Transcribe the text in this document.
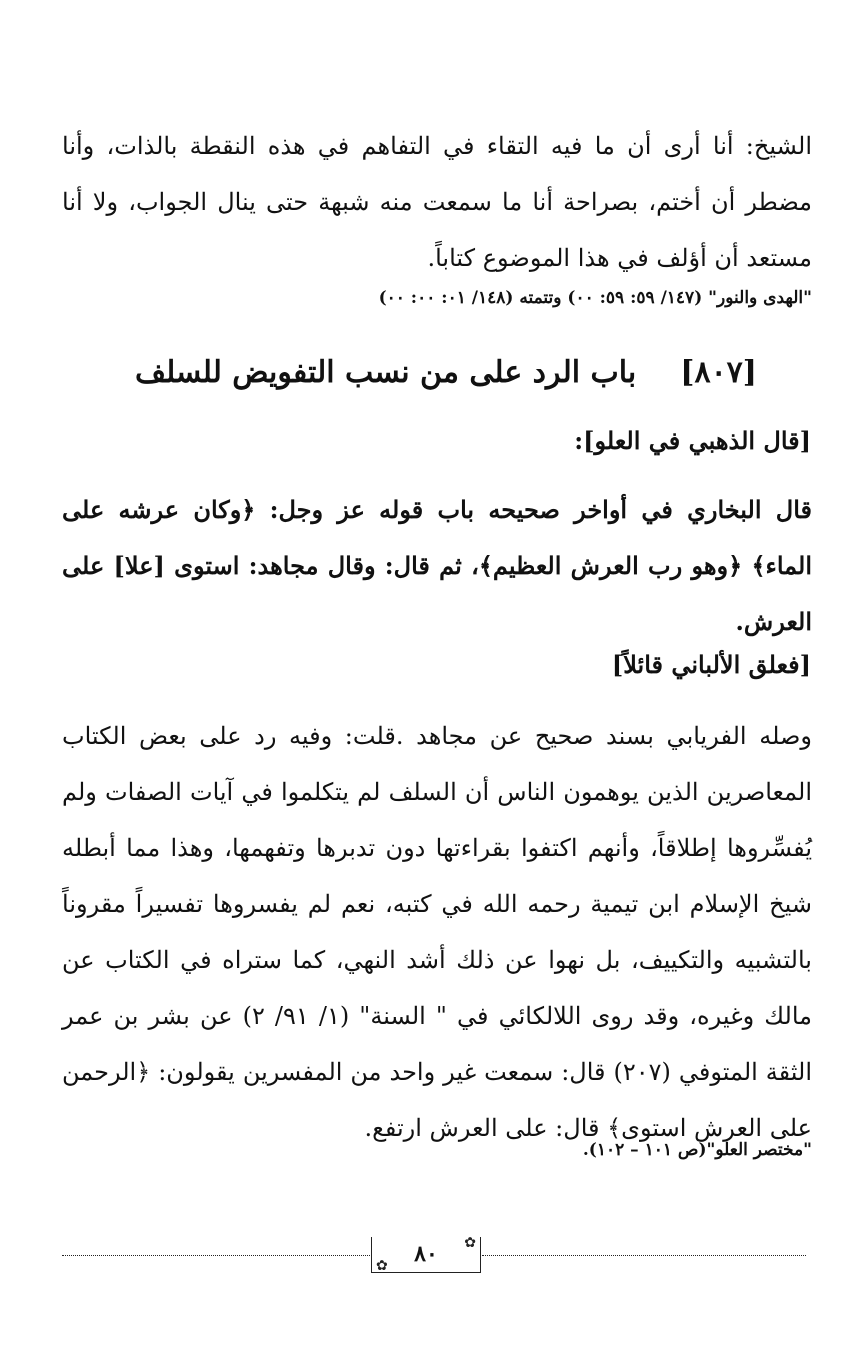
الشيخ: أنا أرى أن ما فيه التقاء في التفاهم في هذه النقطة بالذات، وأنا مضطر أن أختم، بصراحة أنا ما سمعت منه شبهة حتى ينال الجواب، ولا أنا مستعد أن أؤلف في هذا الموضوع كتاباً.

"الهدى والنور" (١٤٧/ ٥٩: ٥٩: ٠٠) وتتمته (١٤٨/ ٠١: ٠٠: ٠٠)

[٨٠٧]باب الرد على من نسب التفويض للسلف
[قال الذهبي في العلو]:

قال البخاري في أواخر صحيحه باب قوله عز وجل: ﴿وكان عرشه على الماء﴾ ﴿وهو رب العرش العظيم﴾، ثم قال: وقال مجاهد: استوى [علا] على العرش.

[فعلق الألباني قائلاً]

وصله الفريابي بسند صحيح عن مجاهد .قلت: وفيه رد على بعض الكتاب المعاصرين الذين يوهمون الناس أن السلف لم يتكلموا في آيات الصفات ولم يُفسِّروها إطلاقاً، وأنهم اكتفوا بقراءتها دون تدبرها وتفهمها، وهذا مما أبطله شيخ الإسلام ابن تيمية رحمه الله في كتبه، نعم لم يفسروها تفسيراً مقروناً بالتشبيه والتكييف، بل نهوا عن ذلك أشد النهي، كما ستراه في الكتاب عن مالك وغيره، وقد روى اللالكائي في " السنة" (١/ ٩١/ ٢) عن بشر بن عمر الثقة المتوفي (٢٠٧) قال: سمعت غير واحد من المفسرين يقولون: ﴿الرحمن على العرش استوى﴾ قال: على العرش ارتفع.

"مختصر العلو"(ص ١٠١ – ١٠٢).

✿
✿	٨٠
